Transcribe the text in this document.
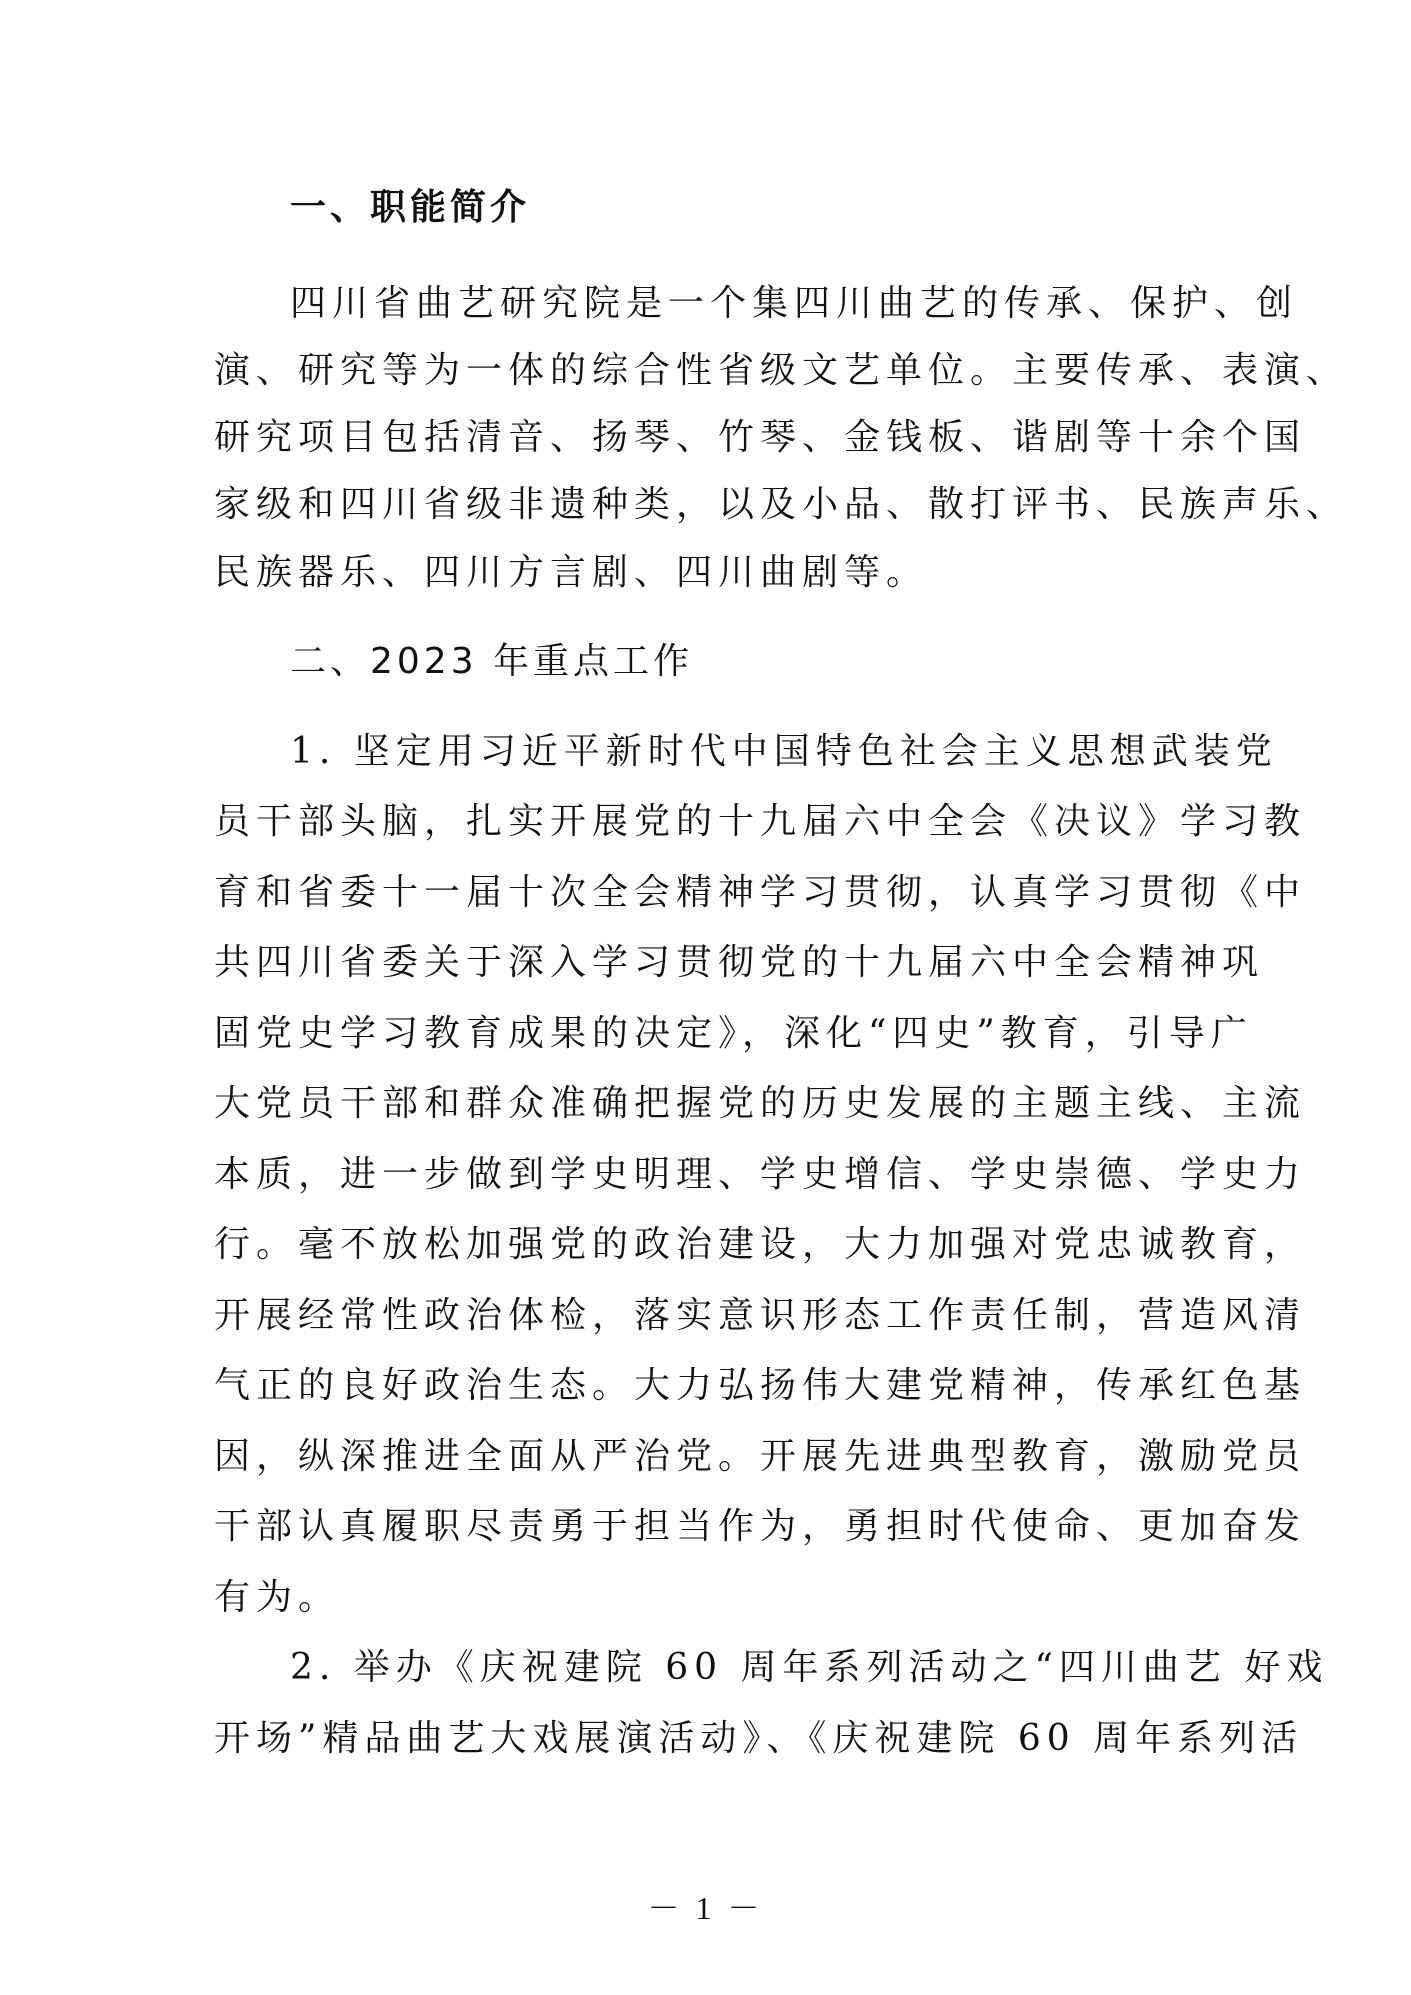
一、职能简介
四川省曲艺研究院是一个集四川曲艺的传承、保护、创
演、研究等为一体的综合性省级文艺单位。主要传承、表演、
研究项目包括清音、扬琴、竹琴、金钱板、谐剧等十余个国
家级和四川省级非遗种类，以及小品、散打评书、民族声乐、
民族器乐、四川方言剧、四川曲剧等。
二、2023 年重点工作
1. 坚定用习近平新时代中国特色社会主义思想武装党
员干部头脑，扎实开展党的十九届六中全会《决议》学习教
育和省委十一届十次全会精神学习贯彻，认真学习贯彻《中
共四川省委关于深入学习贯彻党的十九届六中全会精神巩
固党史学习教育成果的决定》，深化“四史”教育，引导广
大党员干部和群众准确把握党的历史发展的主题主线、主流
本质，进一步做到学史明理、学史增信、学史崇德、学史力
行。毫不放松加强党的政治建设，大力加强对党忠诚教育，
开展经常性政治体检，落实意识形态工作责任制，营造风清
气正的良好政治生态。大力弘扬伟大建党精神，传承红色基
因，纵深推进全面从严治党。开展先进典型教育，激励党员
干部认真履职尽责勇于担当作为，勇担时代使命、更加奋发
有为。
2. 举办《庆祝建院 60 周年系列活动之“四川曲艺 好戏
开场”精品曲艺大戏展演活动》、《庆祝建院 60 周年系列活
－ 1 －
